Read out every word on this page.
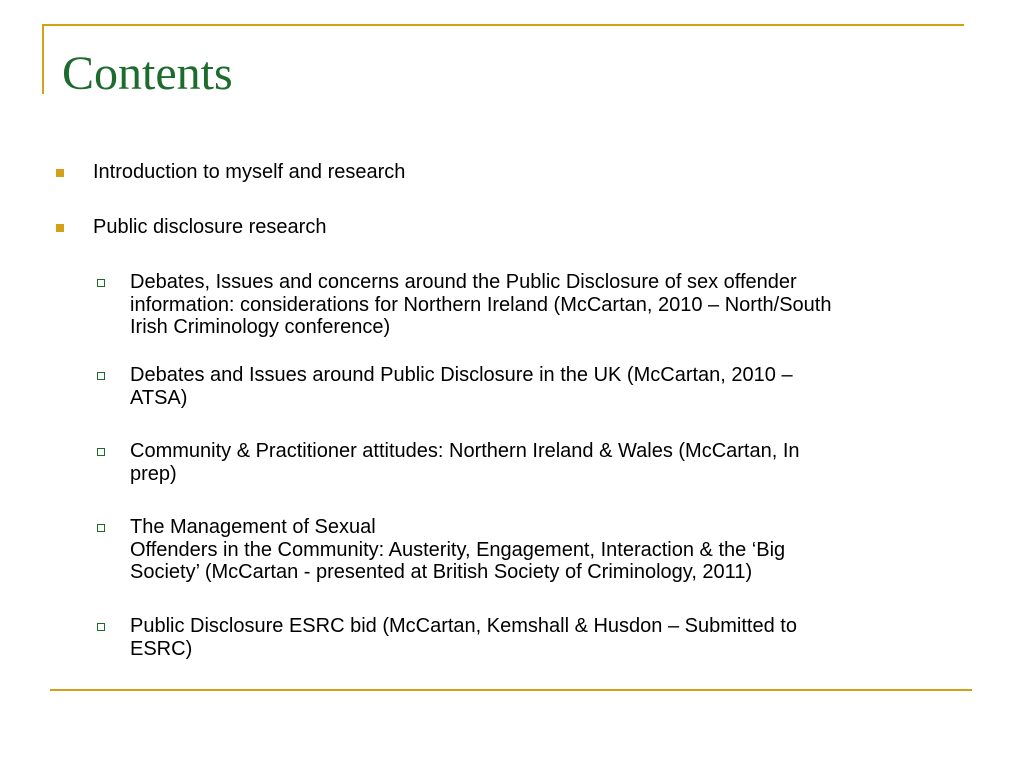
Contents
Introduction to myself and research
Public disclosure research
Debates, Issues and concerns around the Public Disclosure of sex offender
information: considerations for Northern Ireland (McCartan, 2010 – North/South
Irish Criminology conference)
Debates and Issues around Public Disclosure in the UK (McCartan, 2010 –
ATSA)
Community & Practitioner attitudes: Northern Ireland & Wales (McCartan, In
prep)
The Management of Sexual
Offenders in the Community: Austerity, Engagement, Interaction & the ‘Big
Society’ (McCartan - presented at British Society of Criminology, 2011)
Public Disclosure ESRC bid (McCartan, Kemshall & Husdon – Submitted to
ESRC)
